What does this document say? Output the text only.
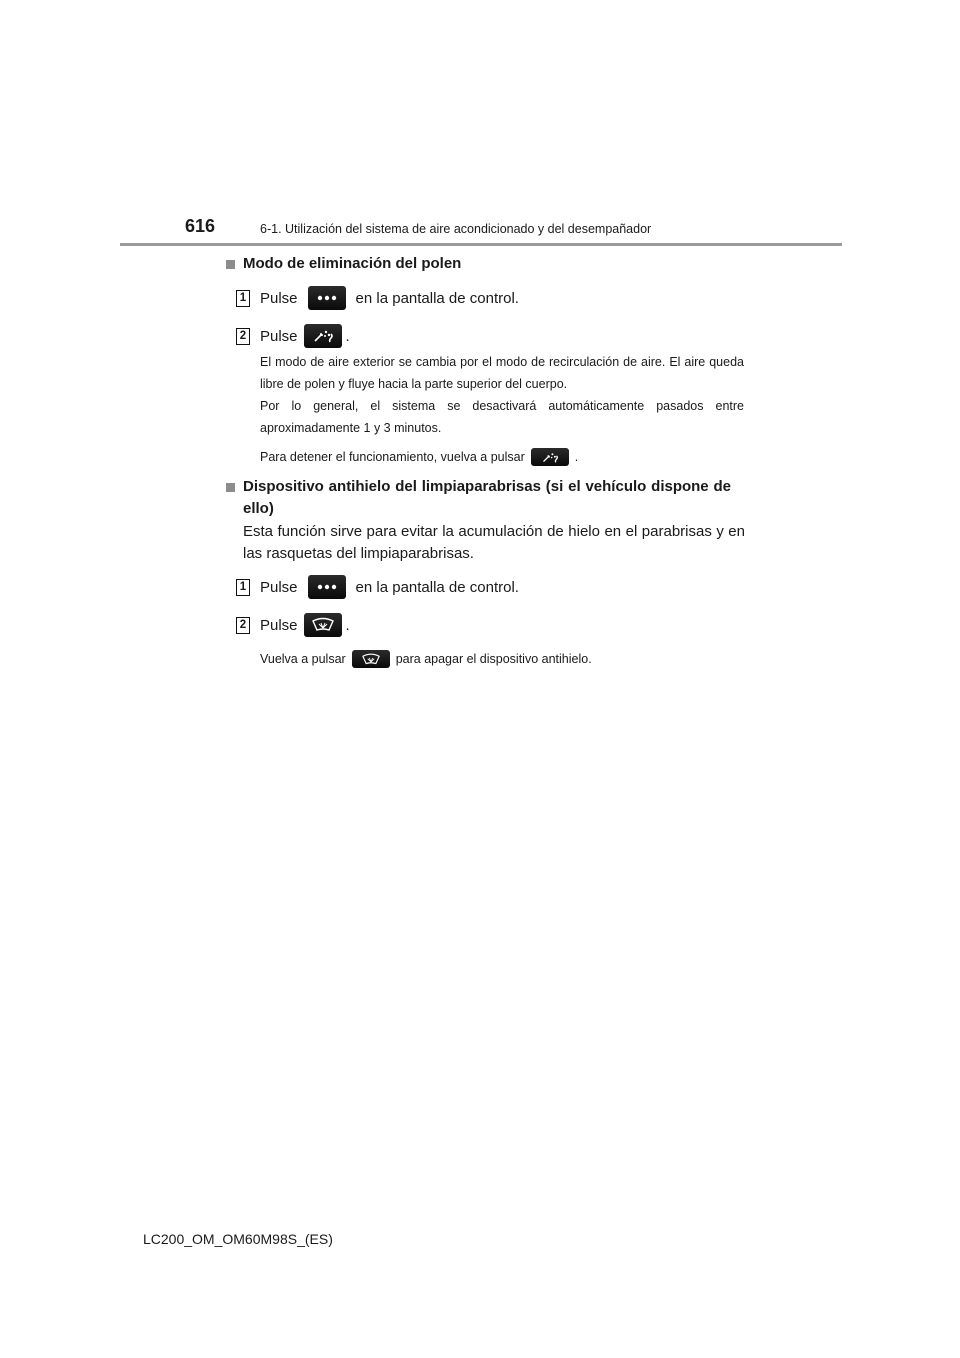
616	6-1. Utilización del sistema de aire acondicionado y del desempañador
Modo de eliminación del polen
1 Pulse	en la pantalla de control.
2 Pulse	.
El modo de aire exterior se cambia por el modo de recirculación de aire. El aire queda libre de polen y fluye hacia la parte superior del cuerpo.
Por lo general, el sistema se desactivará automáticamente pasados entre aproximadamente 1 y 3 minutos.
Para detener el funcionamiento, vuelva a pulsar	.
Dispositivo antihielo del limpiaparabrisas (si el vehículo dispone de ello)
Esta función sirve para evitar la acumulación de hielo en el parabrisas y en las rasquetas del limpiaparabrisas.
1 Pulse	en la pantalla de control.
2 Pulse	.
Vuelva a pulsar	para apagar el dispositivo antihielo.
LC200_OM_OM60M98S_(ES)
